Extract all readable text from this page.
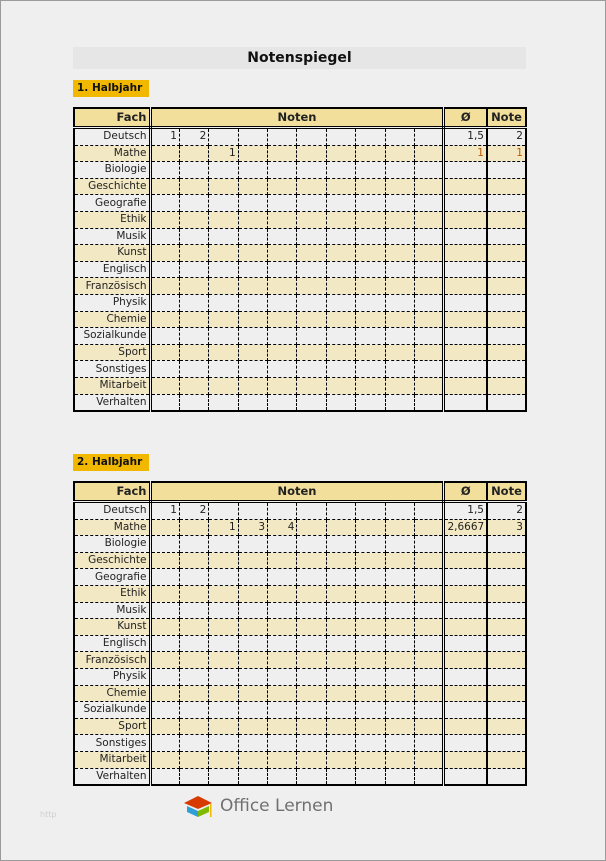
Notenspiegel
1. Halbjahr
Fach	Noten										Ø	Note
Deutsch	1	2									1,5	2
Mathe			1								1	1
Biologie												
Geschichte												
Geografie												
Ethik												
Musik												
Kunst												
Englisch												
Französisch												
Physik												
Chemie												
Sozialkunde												
Sport												
Sonstiges												
Mitarbeit												
Verhalten												
2. Halbjahr
Fach	Noten										Ø	Note
Deutsch	1	2									1,5	2
Mathe			1	3	4						2,6667	3
Biologie												
Geschichte												
Geografie												
Ethik												
Musik												
Kunst												
Englisch												
Französisch												
Physik												
Chemie												
Sozialkunde												
Sport												
Sonstiges												
Mitarbeit												
Verhalten												
http	Office Lernen
